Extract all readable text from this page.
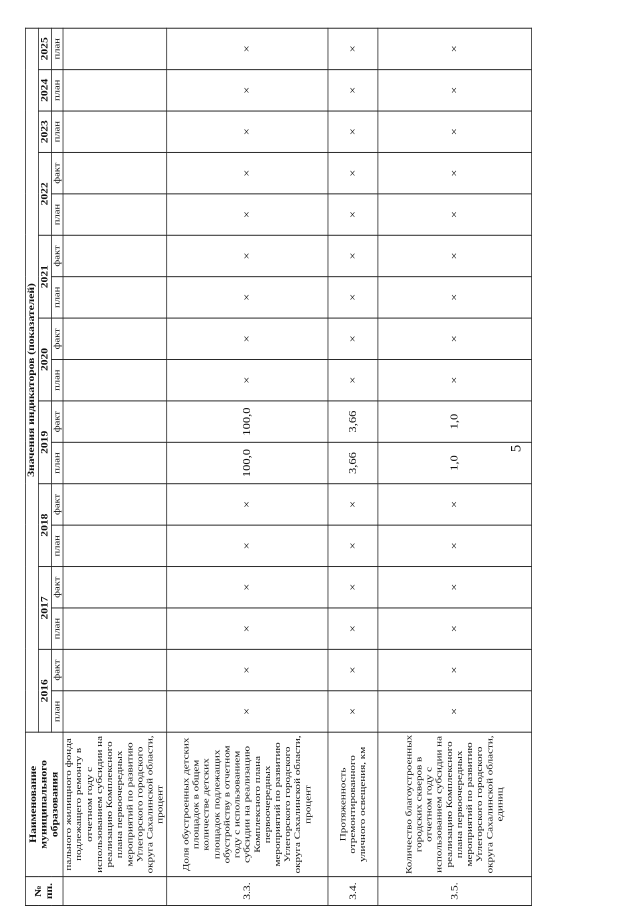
5
№ пп.	Наименование муниципального образования	Значения индикаторов (показателей)																
		2016		2017		2018		2019		2020		2021		2022		2023	2024	2025
		план	факт	план	факт	план	факт	план	факт	план	факт	план	факт	план	факт	план	план	план
	пального жилищного фонда подлежащего ремонту в отчетном году с использованием субсидии на реализацию Комплексного плана первоочередных мероприятий по развитию Углегорского городского округа Сахалинской области, процент																	
3.3.	Доля обустроенных детских площадок в общем количестве детских площадок подлежащих обустройству в отчетном году с использованием субсидии на реализацию Комплексного плана первоочередных мероприятий по развитию Углегорского городского округа Сахалинской области, процент	×	×	×	×	×	×	100,0	100,0	×	×	×	×	×	×	×	×	×
3.4.	Протяженность отремонтированного уличного освещения, км	×	×	×	×	×	×	3,66	3,66	×	×	×	×	×	×	×	×	×
3.5.	Количество благоустроенных городских скверов в отчетном году с использованием субсидии на реализацию Комплексного плана первоочередных мероприятий по развитию Углегорского городского округа Сахалинской области, единиц	×	×	×	×	×	×	1,0	1,0	×	×	×	×	×	×	×	×	×
